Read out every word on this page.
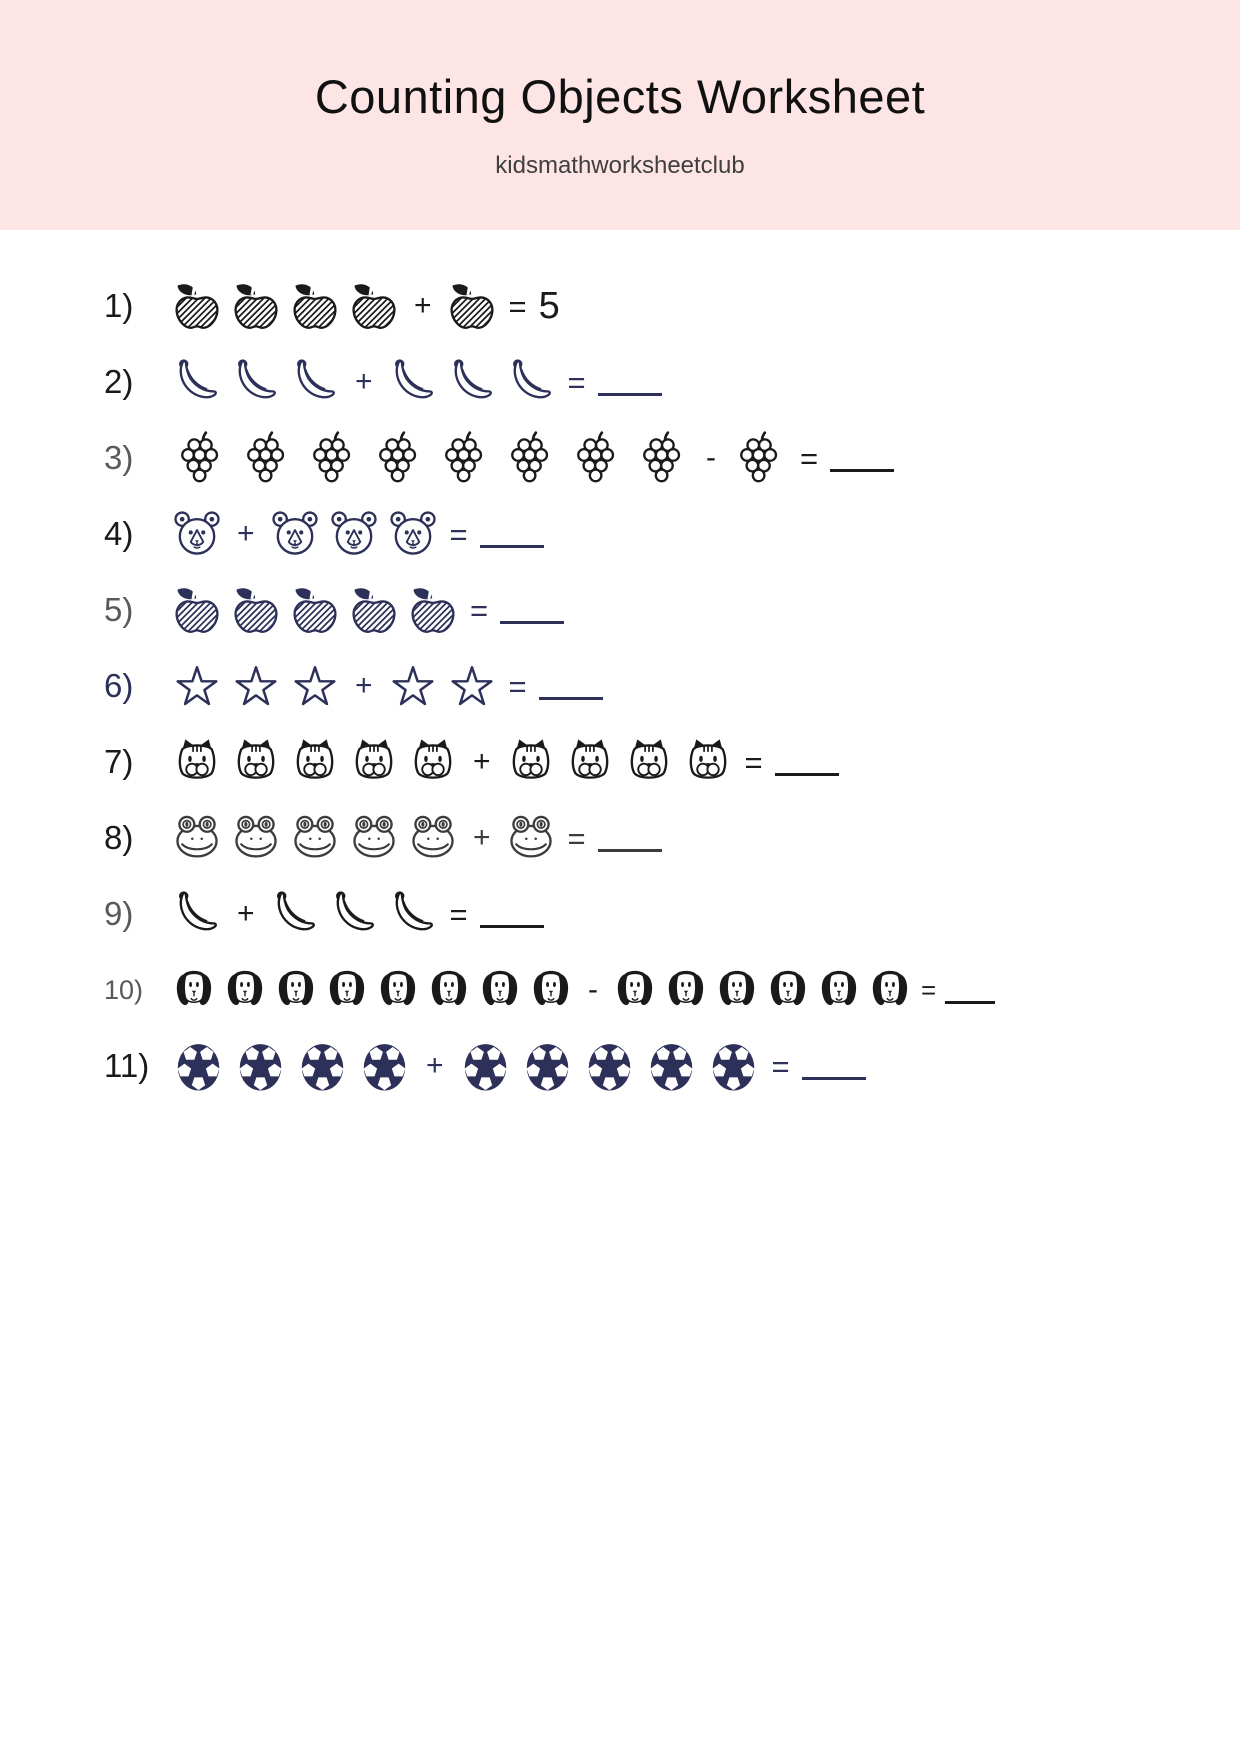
Counting Objects Worksheet
kidsmathworksheetclub
1)	+ = 5
2)	+	=
3)	-	=
4)	+	=
5)	=
6)	+	=
7)	+	=
8)	+ =
9)	+	=
10)	-	=
11)	+	=
